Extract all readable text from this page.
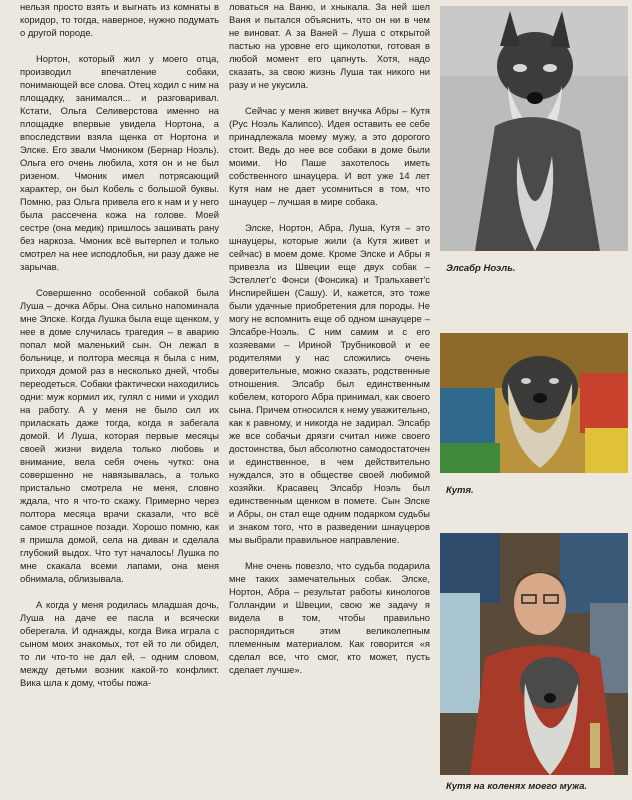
нельзя просто взять и выгнать из комнаты в коридор, то тогда, наверное, нужно подумать о другой породе.

Нортон, который жил у моего отца, производил впечатление собаки, понимающей все слова. Отец ходил с ним на площадку, занимался... и разговаривал. Кстати, Ольга Селиверстова именно на площадке впервые увидела Нортона, а впоследствии взяла щенка от Нортона и Элске. Его звали Чмоником (Бернар Ноэль). Ольга его очень любила, хотя он и не был ризеном. Чмоник имел потрясающий характер, он был Кобель с большой буквы. Помню, раз Ольга привела его к нам и у него была рассечена кожа на голове. Моей сестре (она медик) пришлось зашивать рану без наркоза. Чмоник всё вытерпел и только смотрел на нее исподлобья, ни разу даже не зарычав.

Совершенно особенной собакой была Луша – дочка Абры. Она сильно напоминала мне Элске. Когда Лушка была еще щенком, у нее в доме случилась трагедия – в аварию попал мой маленький сын. Он лежал в больнице, и полтора месяца я была с ним, приходя домой раз в несколько дней, чтобы переодеться. Собаки фактически находились одни: муж кормил их, гулял с ними и уходил на работу. А у меня не было сил их приласкать даже тогда, когда я забегала домой. И Луша, которая первые месяцы своей жизни видела только любовь и внимание, вела себя очень чутко: она совершенно не навязывалась, а только пристально смотрела не меня, словно ждала, что я что-то скажу. Примерно через полтора месяца врачи сказали, что всё самое страшное позади. Хорошо помню, как я пришла домой, села на диван и сделала глубокий выдох. Что тут началось! Лушка по мне скакала всеми лапами, она меня обнимала, облизывала.

А когда у меня родилась младшая дочь, Луша на даче ее пасла и всячески оберегала. И однажды, когда Вика играла с сыном моих знакомых, тот ей то ли обидел, то ли что-то не дал ей, – одним словом, между детьми возник какой-то конфликт. Вика шла к дому, чтобы пожа-

ловаться на Ваню, и хныкала. За ней шел Ваня и пытался объяснить, что он ни в чем не виноват. А за Ваней – Луша с открытой пастью на уровне его щиколотки, готовая в любой момент его цапнуть. Хотя, надо сказать, за свою жизнь Луша так никого ни разу и не укусила.

Сейчас у меня живет внучка Абры – Кутя (Рус Ноэль Калипсо). Идея оставить ее себе принадлежала моему мужу, а это дорогого стоит. Ведь до нее все собаки в доме были моими. Но Паше захотелось иметь собственного шнауцера. И вот уже 14 лет Кутя нам не дает усомниться в том, что шнауцер – лучшая в мире собака.

Элске, Нортон, Абра, Луша, Кутя – это шнауцеры, которые жили (а Кутя живет и сейчас) в моем доме. Кроме Элске и Абры я привезла из Швеции еще двух собак – Эстеллет'с Фонси (Фонсика) и Трэльхавет'с Инспирейшен (Сашу). И, кажется, это тоже были удачные приобретения для породы. Не могу не вспомнить еще об одном шнауцере – Элсабре-Ноэль. С ним самим и с его хозяевами – Ириной Трубниковой и ее родителями у нас сложились очень доверительные, можно сказать, родственные отношения. Элсабр был единственным кобелем, которого Абра принимал, как своего сына. Причем относился к нему уважительно, как к равному, и никогда не задирал. Элсабр же все собачьи дрязги считал ниже своего достоинства, был абсолютно самодостаточен и единственное, в чем действительно нуждался, это в обществе своей любимой хозяйки. Красавец Элсабр Ноэль был единственным щенком в помете. Сын Элске и Абры, он стал еще одним подарком судьбы и знаком того, что в разведении шнауцеров мы выбрали правильное направление.

Мне очень повезло, что судьба подарила мне таких замечательных собак. Элске, Нортон, Абра – результат работы кинологов Голландии и Швеции, свою же задачу я видела в том, чтобы правильно распорядиться этим великолепным племенным материалом. Как говорится «я сделал все, что смог, кто может, пусть сделает лучше».

Элсабр Ноэль.
Кутя.
Кутя на коленях моего мужа.
